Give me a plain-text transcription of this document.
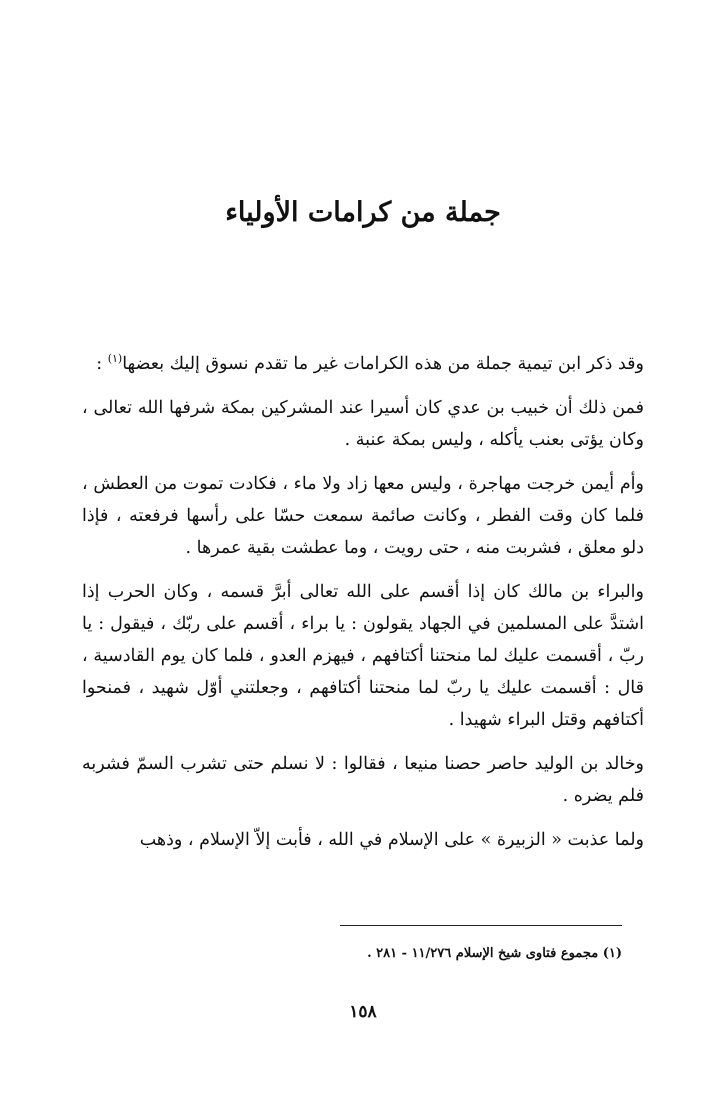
جملة من كرامات الأولياء

وقد ذكر ابن تيمية جملة من هذه الكرامات غير ما تقدم نسوق إليك بعضها$^{(١)}$ :

فمن ذلك أن خبيب بن عدي كان أسيرا عند المشركين بمكة شرفها الله تعالى ، وكان يؤتى بعنب يأكله ، وليس بمكة عنبة .

وأم أيمن خرجت مهاجرة ، وليس معها زاد ولا ماء ، فكادت تموت من العطش ، فلما كان وقت الفطر ، وكانت صائمة سمعت حسّا على رأسها فرفعته ، فإذا دلو معلق ، فشربت منه ، حتى رويت ، وما عطشت بقية عمرها .

والبراء بن مالك كان إذا أقسم على الله تعالى أبرَّ قسمه ، وكان الحرب إذا اشتدَّ على المسلمين في الجهاد يقولون : يا براء ، أقسم على ربّك ، فيقول : يا ربّ ، أقسمت عليك لما منحتنا أكتافهم ، فيهزم العدو ، فلما كان يوم القادسية ، قال : أقسمت عليك يا ربّ لما منحتنا أكتافهم ، وجعلتني أوّل شهيد ، فمنحوا أكتافهم وقتل البراء شهيدا .

وخالد بن الوليد حاصر حصنا منيعا ، فقالوا : لا نسلم حتى تشرب السمّ فشربه فلم يضره .

ولما عذبت « الزبيرة » على الإسلام في الله ، فأبت إلاّ الإسلام ، وذهب

(١) مجموع فتاوى شيخ الإسلام ١١/٢٧٦ - ٢٨١ .
١٥٨
